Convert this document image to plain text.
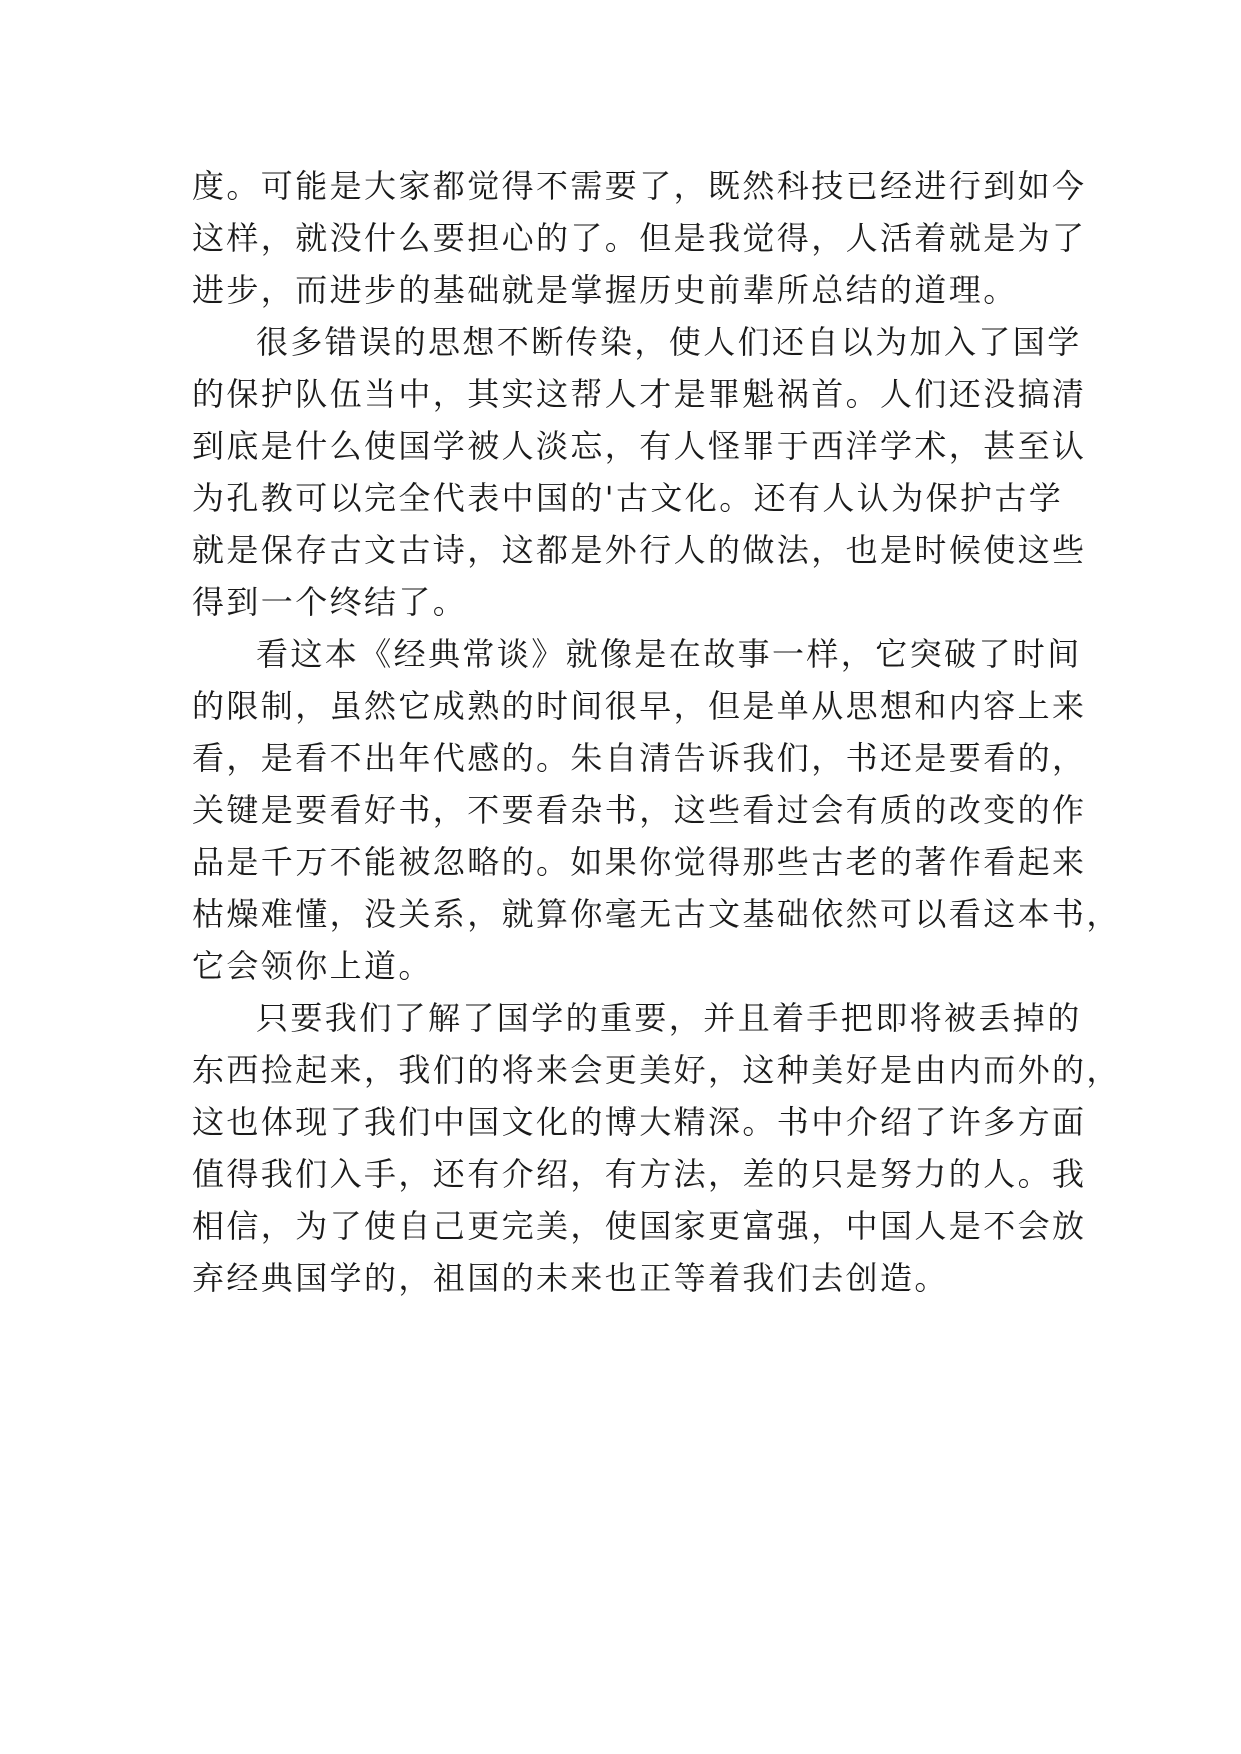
度。可能是大家都觉得不需要了，既然科技已经进行到如今
这样，就没什么要担心的了。但是我觉得，人活着就是为了
进步，而进步的基础就是掌握历史前辈所总结的道理。
很多错误的思想不断传染，使人们还自以为加入了国学
的保护队伍当中，其实这帮人才是罪魁祸首。人们还没搞清
到底是什么使国学被人淡忘，有人怪罪于西洋学术，甚至认
为孔教可以完全代表中国的'古文化。还有人认为保护古学
就是保存古文古诗，这都是外行人的做法，也是时候使这些
得到一个终结了。
看这本《经典常谈》就像是在故事一样，它突破了时间
的限制，虽然它成熟的时间很早，但是单从思想和内容上来
看，是看不出年代感的。朱自清告诉我们，书还是要看的，
关键是要看好书，不要看杂书，这些看过会有质的改变的作
品是千万不能被忽略的。如果你觉得那些古老的著作看起来
枯燥难懂，没关系，就算你毫无古文基础依然可以看这本书，
它会领你上道。
只要我们了解了国学的重要，并且着手把即将被丢掉的
东西捡起来，我们的将来会更美好，这种美好是由内而外的，
这也体现了我们中国文化的博大精深。书中介绍了许多方面
值得我们入手，还有介绍，有方法，差的只是努力的人。我
相信，为了使自己更完美，使国家更富强，中国人是不会放
弃经典国学的，祖国的未来也正等着我们去创造。
